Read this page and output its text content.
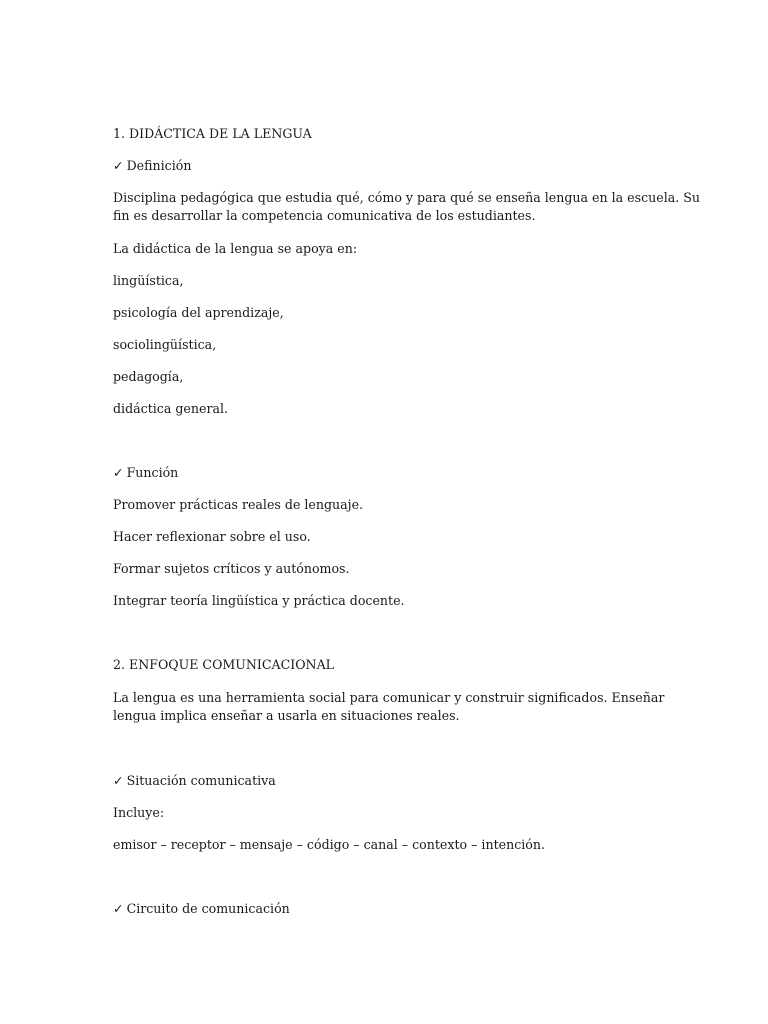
1. DIDÁCTICA DE LA LENGUA
✓ Definición
Disciplina pedagógica que estudia qué, cómo y para qué se enseña lengua en la escuela. Su
fin es desarrollar la competencia comunicativa de los estudiantes.
La didáctica de la lengua se apoya en:
lingüística,
psicología del aprendizaje,
sociolingüística,
pedagogía,
didáctica general.
✓ Función
Promover prácticas reales de lenguaje.
Hacer reflexionar sobre el uso.
Formar sujetos críticos y autónomos.
Integrar teoría lingüística y práctica docente.
2. ENFOQUE COMUNICACIONAL
La lengua es una herramienta social para comunicar y construir significados. Enseñar
lengua implica enseñar a usarla en situaciones reales.
✓ Situación comunicativa
Incluye:
emisor – receptor – mensaje – código – canal – contexto – intención.
✓ Circuito de comunicación
